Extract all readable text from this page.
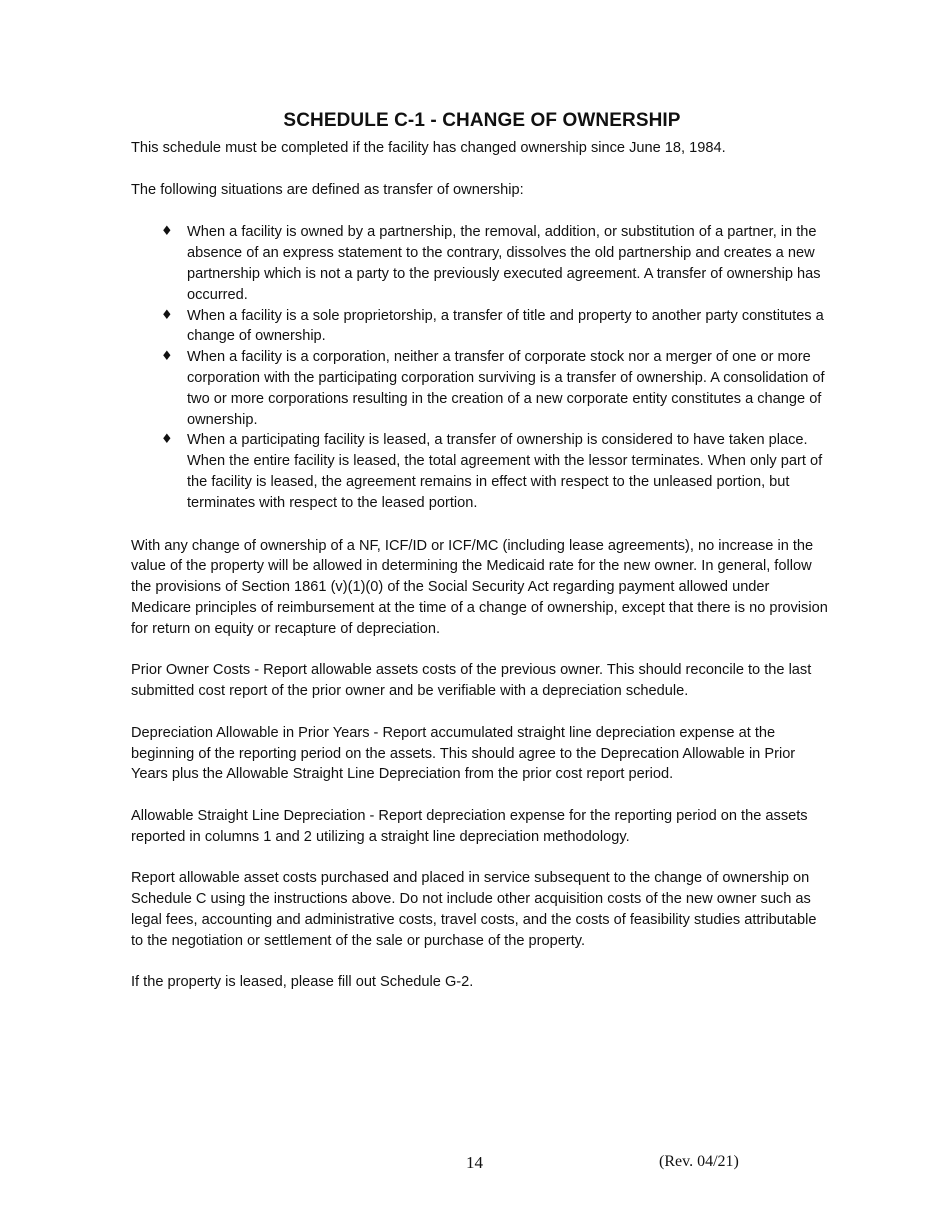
SCHEDULE C-1 - CHANGE OF OWNERSHIP

This schedule must be completed if the facility has changed ownership since June 18, 1984.

The following situations are defined as transfer of ownership:

♦ When a facility is owned by a partnership, the removal, addition, or substitution of a partner, in the absence of an express statement to the contrary, dissolves the old partnership and creates a new partnership which is not a party to the previously executed agreement. A transfer of ownership has occurred.
♦ When a facility is a sole proprietorship, a transfer of title and property to another party constitutes a change of ownership.
♦ When a facility is a corporation, neither a transfer of corporate stock nor a merger of one or more corporation with the participating corporation surviving is a transfer of ownership. A consolidation of two or more corporations resulting in the creation of a new corporate entity constitutes a change of ownership.
♦ When a participating facility is leased, a transfer of ownership is considered to have taken place. When the entire facility is leased, the total agreement with the lessor terminates. When only part of the facility is leased, the agreement remains in effect with respect to the unleased portion, but terminates with respect to the leased portion.

With any change of ownership of a NF, ICF/ID or ICF/MC (including lease agreements), no increase in the value of the property will be allowed in determining the Medicaid rate for the new owner. In general, follow the provisions of Section 1861 (v)(1)(0) of the Social Security Act regarding payment allowed under Medicare principles of reimbursement at the time of a change of ownership, except that there is no provision for return on equity or recapture of depreciation.

Prior Owner Costs - Report allowable assets costs of the previous owner. This should reconcile to the last submitted cost report of the prior owner and be verifiable with a depreciation schedule.

Depreciation Allowable in Prior Years - Report accumulated straight line depreciation expense at the beginning of the reporting period on the assets. This should agree to the Deprecation Allowable in Prior Years plus the Allowable Straight Line Depreciation from the prior cost report period.

Allowable Straight Line Depreciation - Report depreciation expense for the reporting period on the assets reported in columns 1 and 2 utilizing a straight line depreciation methodology.

Report allowable asset costs purchased and placed in service subsequent to the change of ownership on Schedule C using the instructions above. Do not include other acquisition costs of the new owner such as legal fees, accounting and administrative costs, travel costs, and the costs of feasibility studies attributable to the negotiation or settlement of the sale or purchase of the property.

If the property is leased, please fill out Schedule G-2.

14	(Rev. 04/21)
